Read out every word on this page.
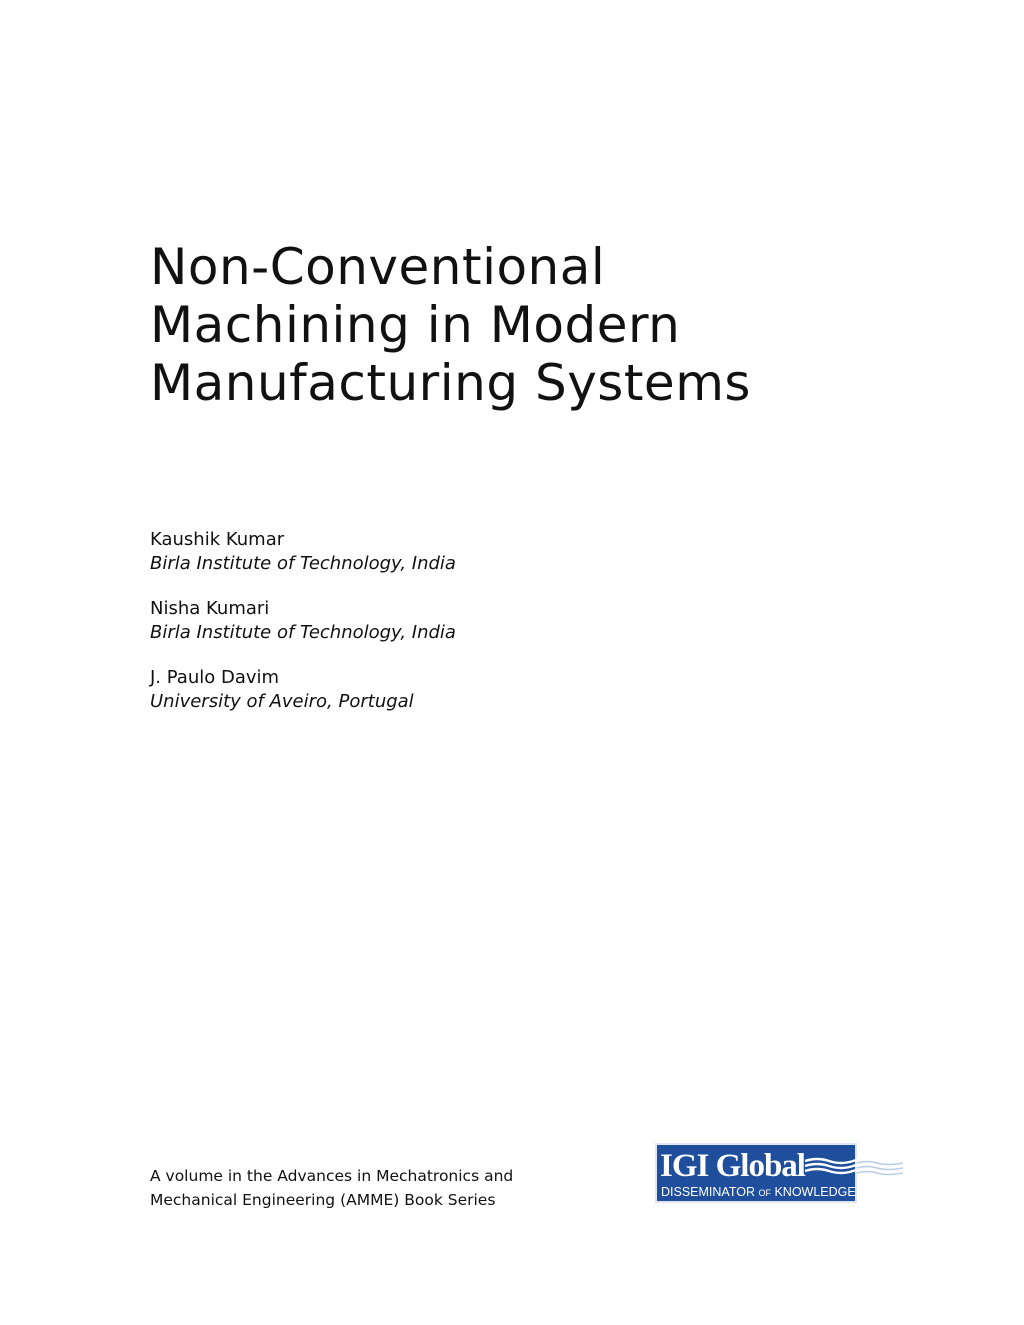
Non-Conventional
Machining in Modern
Manufacturing Systems
Kaushik Kumar
Birla Institute of Technology, India
Nisha Kumari
Birla Institute of Technology, India
J. Paulo Davim
University of Aveiro, Portugal
A volume in the Advances in Mechatronics and
Mechanical Engineering (AMME) Book Series
IGI Global
DISSEMINATOR OF KNOWLEDGE
